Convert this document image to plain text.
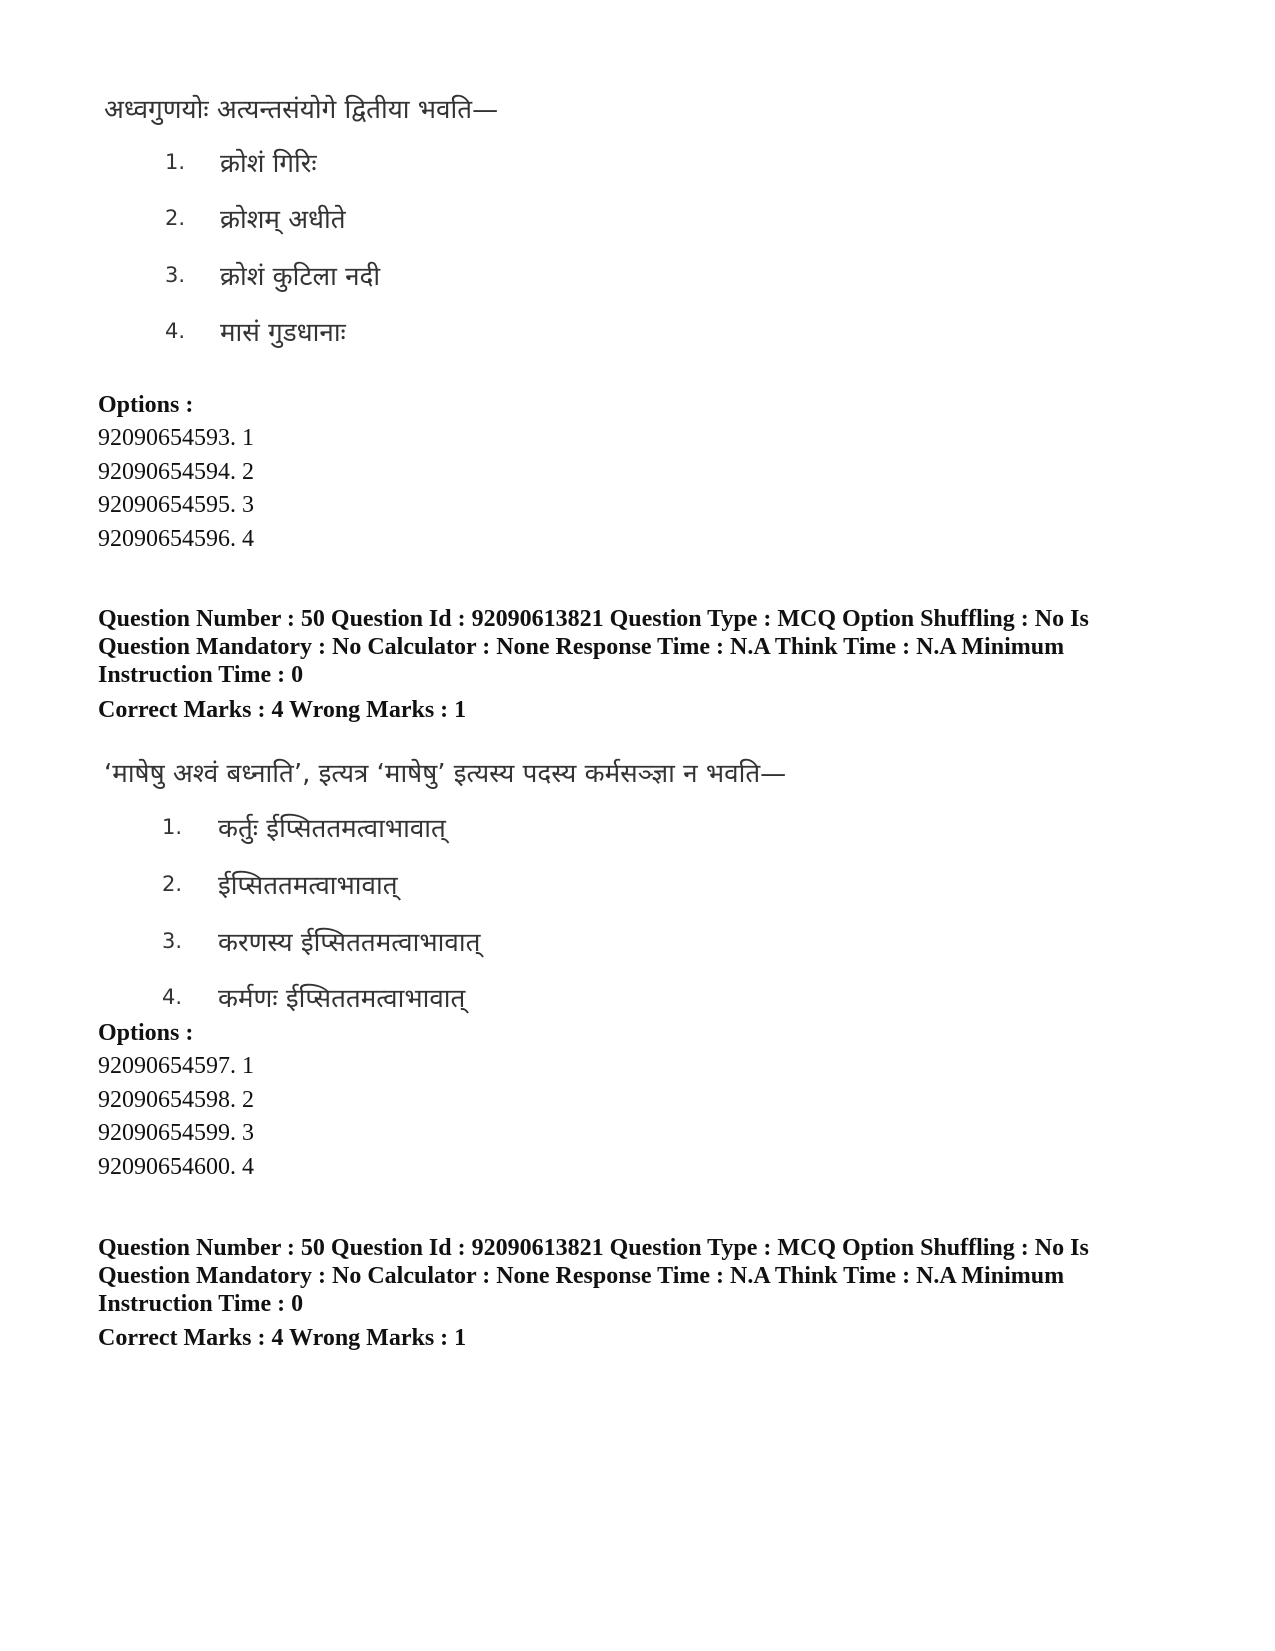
अध्वगुणयोः अत्यन्तसंयोगे द्वितीया भवति—
1.	क्रोशं गिरिः
2.	क्रोशम् अधीते
3.	क्रोशं कुटिला नदी
4.	मासं गुडधानाः
Options :
92090654593. 1
92090654594. 2
92090654595. 3
92090654596. 4
Question Number : 50 Question Id : 92090613821 Question Type : MCQ Option Shuffling : No Is
Question Mandatory : No Calculator : None Response Time : N.A Think Time : N.A Minimum
Instruction Time : 0
Correct Marks : 4 Wrong Marks : 1
‘माषेषु अश्वं बध्नाति’, इत्यत्र ‘माषेषु’ इत्यस्य पदस्य कर्मसञ्ज्ञा न भवति—
1.	कर्तुः ईप्सिततमत्वाभावात्
2.	ईप्सिततमत्वाभावात्
3.	करणस्य ईप्सिततमत्वाभावात्
4.	कर्मणः ईप्सिततमत्वाभावात्
Options :
92090654597. 1
92090654598. 2
92090654599. 3
92090654600. 4
Question Number : 50 Question Id : 92090613821 Question Type : MCQ Option Shuffling : No Is
Question Mandatory : No Calculator : None Response Time : N.A Think Time : N.A Minimum
Instruction Time : 0
Correct Marks : 4 Wrong Marks : 1
